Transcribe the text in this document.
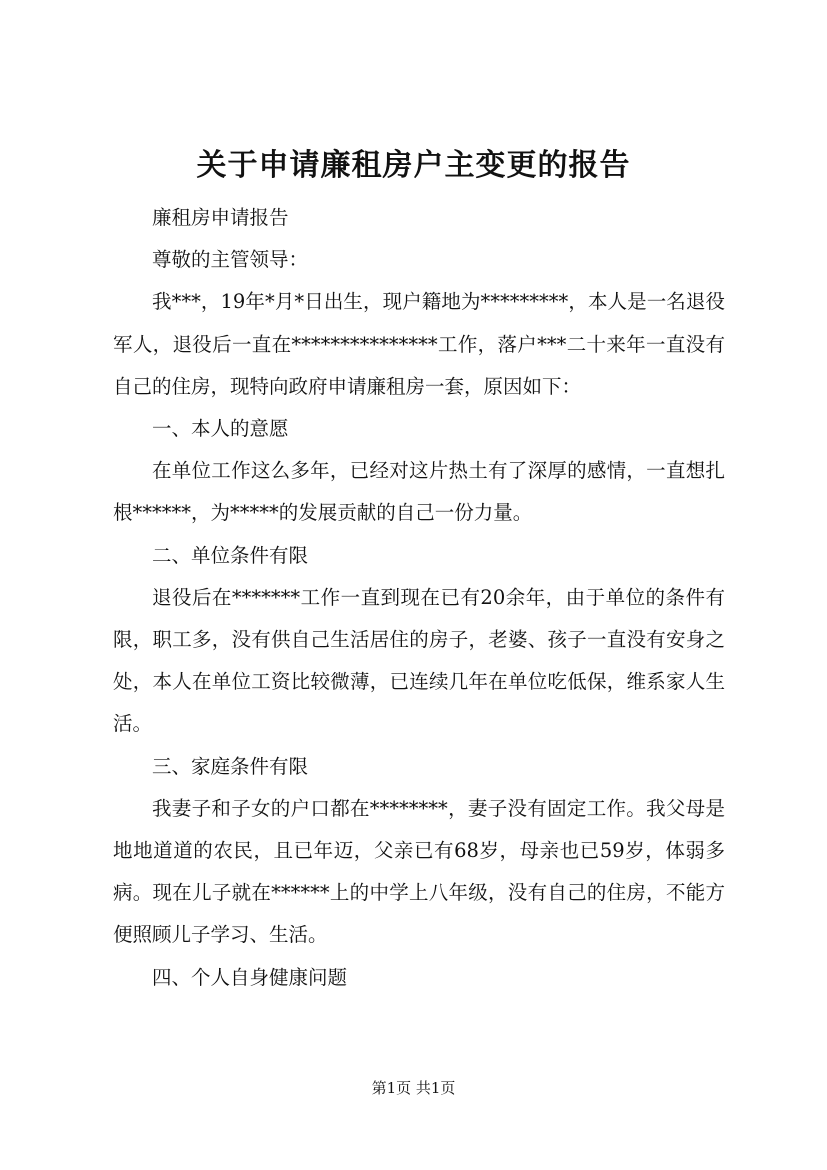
关于申请廉租房户主变更的报告

廉租房申请报告

尊敬的主管领导：

我***，19年*月*日出生，现户籍地为*********，本人是一名退役军人，退役后一直在***************工作，落户***二十来年一直没有自己的住房，现特向政府申请廉租房一套，原因如下：

一、本人的意愿

在单位工作这么多年，已经对这片热土有了深厚的感情，一直想扎根******，为*****的发展贡献的自己一份力量。

二、单位条件有限

退役后在*******工作一直到现在已有20余年，由于单位的条件有限，职工多，没有供自己生活居住的房子，老婆、孩子一直没有安身之处，本人在单位工资比较微薄，已连续几年在单位吃低保，维系家人生活。

三、家庭条件有限

我妻子和子女的户口都在********，妻子没有固定工作。我父母是地地道道的农民，且已年迈，父亲已有68岁，母亲也已59岁，体弱多病。现在儿子就在******上的中学上八年级，没有自己的住房，不能方便照顾儿子学习、生活。

四、个人自身健康问题

第1页 共1页
